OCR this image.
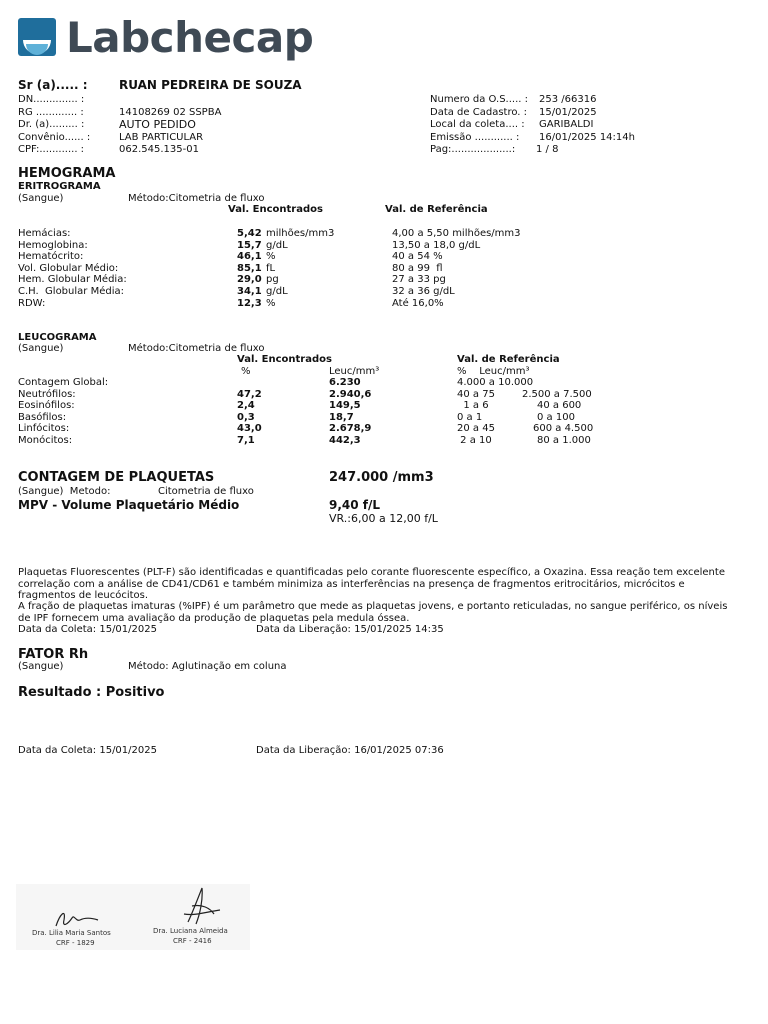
Labchecap
Sr (a)..... :	RUAN PEDREIRA DE SOUZA
DN.............. :
RG ............. :	14108269 02 SSPBA
Dr. (a)......... :	AUTO PEDIDO
Convênio...... :	LAB PARTICULAR
CPF:............ :	062.545.135-01
Numero da O.S..... : 253 /66316
Data de Cadastro. : 15/01/2025
Local da coleta.... : GARIBALDI
Emissão ............ : 16/01/2025 14:14h
Pag:...................: 1 / 8
HEMOGRAMA
ERITROGRAMA
(Sangue)	Método:Citometria de fluxo
Val. Encontrados	Val. de Referência
Hemácias:	5,42 milhões/mm3	4,00 a 5,50 milhões/mm3
Hemoglobina:	15,7 g/dL	13,50 a 18,0 g/dL
Hematócrito:	46,1 %	40 a 54 %
Vol. Globular Médio:	85,1 fL	80 a 99  fl
Hem. Globular Média:	29,0 pg	27 a 33 pg
C.H.  Globular Média:	34,1 g/dL	32 a 36 g/dL
RDW:	12,3 %	Até 16,0%
LEUCOGRAMA
(Sangue)	Método:Citometria de fluxo
Val. Encontrados	Val. de Referência
%	Leuc/mm³	%    Leuc/mm³
Contagem Global:	6.230	4.000 a 10.000
Neutrófilos:	47,2	2.940,6	40 a 75	2.500 a 7.500
Eosinófilos:	2,4	149,5	1 a 6	40 a 600
Basófilos:	0,3	18,7	0 a 1	0 a 100
Linfócitos:	43,0	2.678,9	20 a 45	600 a 4.500
Monócitos:	7,1	442,3	2 a 10	80 a 1.000
CONTAGEM DE PLAQUETAS	247.000 /mm3
(Sangue)  Metodo:	Citometria de fluxo
MPV - Volume Plaquetário Médio	9,40 f/L
VR.:6,00 a 12,00 f/L
Plaquetas Fluorescentes (PLT-F) são identificadas e quantificadas pelo corante fluorescente específico, a Oxazina. Essa reação tem excelente correlação com a análise de CD41/CD61 e também minimiza as interferências na presença de fragmentos eritrocitários, micrócitos e fragmentos de leucócitos.
A fração de plaquetas imaturas (%IPF) é um parâmetro que mede as plaquetas jovens, e portanto reticuladas, no sangue periférico, os níveis de IPF fornecem uma avaliação da produção de plaquetas pela medula óssea.
Data da Coleta: 15/01/2025	Data da Liberação: 15/01/2025 14:35
FATOR Rh
(Sangue)	Método: Aglutinação em coluna
Resultado : Positivo
Data da Coleta: 15/01/2025	Data da Liberação: 16/01/2025 07:36
Dra. Lilia Maria Santos
CRF - 1829
Dra. Luciana Almeida
CRF - 2416
